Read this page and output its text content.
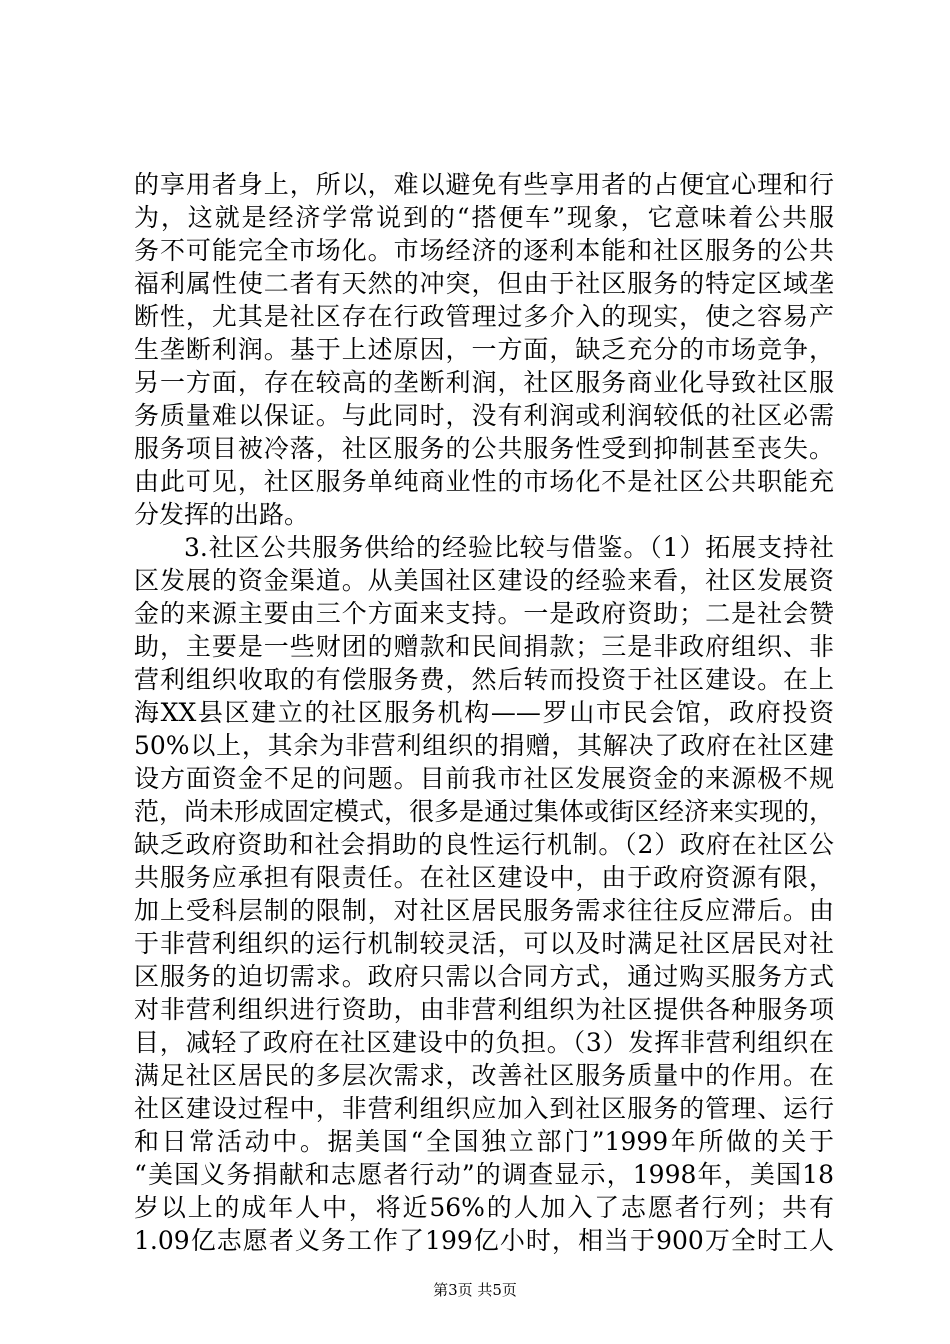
的享用者身上，所以，难以避免有些享用者的占便宜心理和行
为，这就是经济学常说到的“搭便车”现象，它意味着公共服
务不可能完全市场化。市场经济的逐利本能和社区服务的公共
福利属性使二者有天然的冲突，但由于社区服务的特定区域垄
断性，尤其是社区存在行政管理过多介入的现实，使之容易产
生垄断利润。基于上述原因，一方面，缺乏充分的市场竞争，
另一方面，存在较高的垄断利润，社区服务商业化导致社区服
务质量难以保证。与此同时，没有利润或利润较低的社区必需
服务项目被冷落，社区服务的公共服务性受到抑制甚至丧失。
由此可见，社区服务单纯商业性的市场化不是社区公共职能充
分发挥的出路。
3.社区公共服务供给的经验比较与借鉴。（1）拓展支持社
区发展的资金渠道。从美国社区建设的经验来看，社区发展资
金的来源主要由三个方面来支持。一是政府资助；二是社会赞
助，主要是一些财团的赠款和民间捐款；三是非政府组织、非
营利组织收取的有偿服务费，然后转而投资于社区建设。在上
海XX县区建立的社区服务机构——罗山市民会馆，政府投资
50%以上，其余为非营利组织的捐赠，其解决了政府在社区建
设方面资金不足的问题。目前我市社区发展资金的来源极不规
范，尚未形成固定模式，很多是通过集体或街区经济来实现的，
缺乏政府资助和社会捐助的良性运行机制。（2）政府在社区公
共服务应承担有限责任。在社区建设中，由于政府资源有限，
加上受科层制的限制，对社区居民服务需求往往反应滞后。由
于非营利组织的运行机制较灵活，可以及时满足社区居民对社
区服务的迫切需求。政府只需以合同方式，通过购买服务方式
对非营利组织进行资助，由非营利组织为社区提供各种服务项
目，减轻了政府在社区建设中的负担。（3）发挥非营利组织在
满足社区居民的多层次需求，改善社区服务质量中的作用。在
社区建设过程中，非营利组织应加入到社区服务的管理、运行
和日常活动中。据美国“全国独立部门”1999年所做的关于
“美国义务捐献和志愿者行动”的调查显示，1998年，美国18
岁以上的成年人中，将近56%的人加入了志愿者行列；共有
1.09亿志愿者义务工作了199亿小时，相当于900万全时工人
第3页 共5页
